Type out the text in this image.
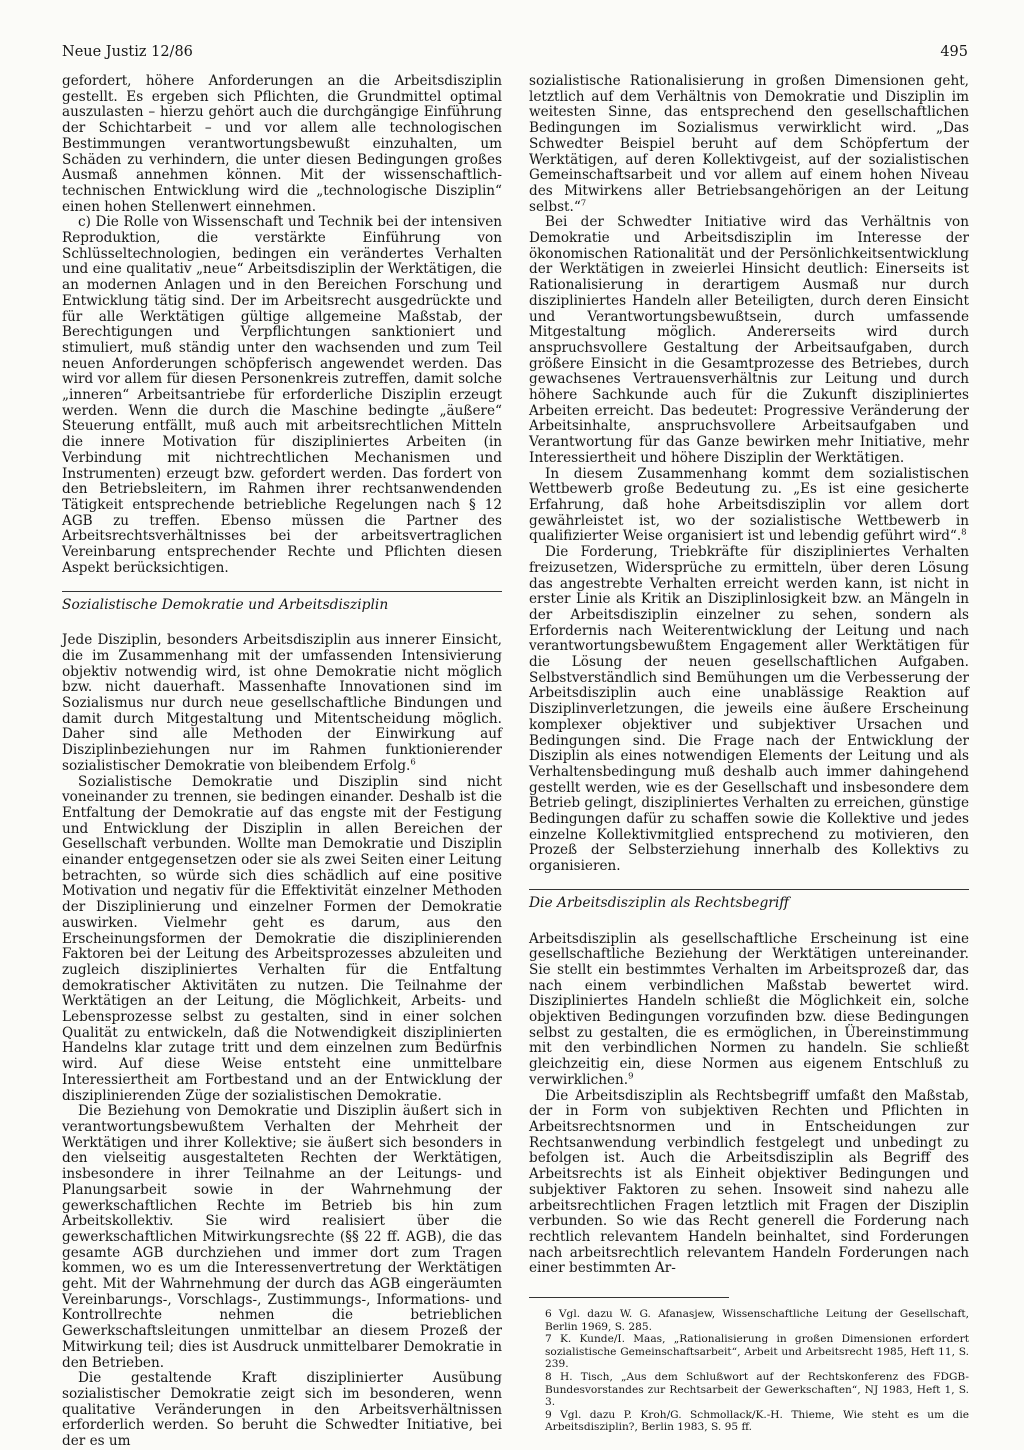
Neue Justiz 12/86	495

gefordert, höhere Anforderungen an die Arbeitsdisziplin gestellt. Es ergeben sich Pflichten, die Grundmittel optimal auszulasten – hierzu gehört auch die durchgängige Einführung der Schichtarbeit – und vor allem alle technologischen Bestimmungen verantwortungsbewußt einzuhalten, um Schäden zu verhindern, die unter diesen Bedingungen großes Ausmaß annehmen können. Mit der wissenschaftlich-technischen Entwicklung wird die „technologische Disziplin“ einen hohen Stellenwert einnehmen.

c) Die Rolle von Wissenschaft und Technik bei der intensiven Reproduktion, die verstärkte Einführung von Schlüsseltechnologien, bedingen ein verändertes Verhalten und eine qualitativ „neue“ Arbeitsdisziplin der Werktätigen, die an modernen Anlagen und in den Bereichen Forschung und Entwicklung tätig sind. Der im Arbeitsrecht ausgedrückte und für alle Werktätigen gültige allgemeine Maßstab, der Berechtigungen und Verpflichtungen sanktioniert und stimuliert, muß ständig unter den wachsenden und zum Teil neuen Anforderungen schöpferisch angewendet werden. Das wird vor allem für diesen Personenkreis zutreffen, damit solche „inneren“ Arbeitsantriebe für erforderliche Disziplin erzeugt werden. Wenn die durch die Maschine bedingte „äußere“ Steuerung entfällt, muß auch mit arbeitsrechtlichen Mitteln die innere Motivation für diszipliniertes Arbeiten (in Verbindung mit nichtrechtlichen Mechanismen und Instrumenten) erzeugt bzw. gefordert werden. Das fordert von den Betriebsleitern, im Rahmen ihrer rechtsanwendenden Tätigkeit entsprechende betriebliche Regelungen nach § 12 AGB zu treffen. Ebenso müssen die Partner des Arbeitsrechtsverhältnisses bei der arbeitsvertraglichen Vereinbarung entsprechender Rechte und Pflichten diesen Aspekt berücksichtigen.

Sozialistische Demokratie und Arbeitsdisziplin

Jede Disziplin, besonders Arbeitsdisziplin aus innerer Einsicht, die im Zusammenhang mit der umfassenden Intensivierung objektiv notwendig wird, ist ohne Demokratie nicht möglich bzw. nicht dauerhaft. Massenhafte Innovationen sind im Sozialismus nur durch neue gesellschaftliche Bindungen und damit durch Mitgestaltung und Mitentscheidung möglich. Daher sind alle Methoden der Einwirkung auf Disziplinbeziehungen nur im Rahmen funktionierender sozialistischer Demokratie von bleibendem Erfolg.$^6$

Sozialistische Demokratie und Disziplin sind nicht voneinander zu trennen, sie bedingen einander. Deshalb ist die Entfaltung der Demokratie auf das engste mit der Festigung und Entwicklung der Disziplin in allen Bereichen der Gesellschaft verbunden. Wollte man Demokratie und Disziplin einander entgegensetzen oder sie als zwei Seiten einer Leitung betrachten, so würde sich dies schädlich auf eine positive Motivation und negativ für die Effektivität einzelner Methoden der Disziplinierung und einzelner Formen der Demokratie auswirken. Vielmehr geht es darum, aus den Erscheinungsformen der Demokratie die disziplinierenden Faktoren bei der Leitung des Arbeitsprozesses abzuleiten und zugleich diszipliniertes Verhalten für die Entfaltung demokratischer Aktivitäten zu nutzen. Die Teilnahme der Werktätigen an der Leitung, die Möglichkeit, Arbeits- und Lebensprozesse selbst zu gestalten, sind in einer solchen Qualität zu entwickeln, daß die Notwendigkeit disziplinierten Handelns klar zutage tritt und dem einzelnen zum Bedürfnis wird. Auf diese Weise entsteht eine unmittelbare Interessiertheit am Fortbestand und an der Entwicklung der disziplinierenden Züge der sozialistischen Demokratie.

Die Beziehung von Demokratie und Disziplin äußert sich in verantwortungsbewußtem Verhalten der Mehrheit der Werktätigen und ihrer Kollektive; sie äußert sich besonders in den vielseitig ausgestalteten Rechten der Werktätigen, insbesondere in ihrer Teilnahme an der Leitungs- und Planungsarbeit sowie in der Wahrnehmung der gewerkschaftlichen Rechte im Betrieb bis hin zum Arbeitskollektiv. Sie wird realisiert über die gewerkschaftlichen Mitwirkungsrechte (§§ 22 ff. AGB), die das gesamte AGB durchziehen und immer dort zum Tragen kommen, wo es um die Interessenvertretung der Werktätigen geht. Mit der Wahrnehmung der durch das AGB eingeräumten Vereinbarungs-, Vorschlags-, Zustimmungs-, Informations- und Kontrollrechte nehmen die betrieblichen Gewerkschaftsleitungen unmittelbar an diesem Prozeß der Mitwirkung teil; dies ist Ausdruck unmittelbarer Demokratie in den Betrieben.

Die gestaltende Kraft disziplinierter Ausübung sozialistischer Demokratie zeigt sich im besonderen, wenn qualitative Veränderungen in den Arbeitsverhältnissen erforderlich werden. So beruht die Schwedter Initiative, bei der es um

sozialistische Rationalisierung in großen Dimensionen geht, letztlich auf dem Verhältnis von Demokratie und Disziplin im weitesten Sinne, das entsprechend den gesellschaftlichen Bedingungen im Sozialismus verwirklicht wird. „Das Schwedter Beispiel beruht auf dem Schöpfertum der Werktätigen, auf deren Kollektivgeist, auf der sozialistischen Gemeinschaftsarbeit und vor allem auf einem hohen Niveau des Mitwirkens aller Betriebsangehörigen an der Leitung selbst.“$^7$

Bei der Schwedter Initiative wird das Verhältnis von Demokratie und Arbeitsdisziplin im Interesse der ökonomischen Rationalität und der Persönlichkeitsentwicklung der Werktätigen in zweierlei Hinsicht deutlich: Einerseits ist Rationalisierung in derartigem Ausmaß nur durch diszipliniertes Handeln aller Beteiligten, durch deren Einsicht und Verantwortungsbewußtsein, durch umfassende Mitgestaltung möglich. Andererseits wird durch anspruchsvollere Gestaltung der Arbeitsaufgaben, durch größere Einsicht in die Gesamtprozesse des Betriebes, durch gewachsenes Vertrauensverhältnis zur Leitung und durch höhere Sachkunde auch für die Zukunft diszipliniertes Arbeiten erreicht. Das bedeutet: Progressive Veränderung der Arbeitsinhalte, anspruchsvollere Arbeitsaufgaben und Verantwortung für das Ganze bewirken mehr Initiative, mehr Interessiertheit und höhere Disziplin der Werktätigen.

In diesem Zusammenhang kommt dem sozialistischen Wettbewerb große Bedeutung zu. „Es ist eine gesicherte Erfahrung, daß hohe Arbeitsdisziplin vor allem dort gewährleistet ist, wo der sozialistische Wettbewerb in qualifizierter Weise organisiert ist und lebendig geführt wird“.$^8$

Die Forderung, Triebkräfte für diszipliniertes Verhalten freizusetzen, Widersprüche zu ermitteln, über deren Lösung das angestrebte Verhalten erreicht werden kann, ist nicht in erster Linie als Kritik an Disziplinlosigkeit bzw. an Mängeln in der Arbeitsdisziplin einzelner zu sehen, sondern als Erfordernis nach Weiterentwicklung der Leitung und nach verantwortungsbewußtem Engagement aller Werktätigen für die Lösung der neuen gesellschaftlichen Aufgaben. Selbstverständlich sind Bemühungen um die Verbesserung der Arbeitsdisziplin auch eine unablässige Reaktion auf Disziplinverletzungen, die jeweils eine äußere Erscheinung komplexer objektiver und subjektiver Ursachen und Bedingungen sind. Die Frage nach der Entwicklung der Disziplin als eines notwendigen Elements der Leitung und als Verhaltensbedingung muß deshalb auch immer dahingehend gestellt werden, wie es der Gesellschaft und insbesondere dem Betrieb gelingt, diszipliniertes Verhalten zu erreichen, günstige Bedingungen dafür zu schaffen sowie die Kollektive und jedes einzelne Kollektivmitglied entsprechend zu motivieren, den Prozeß der Selbsterziehung innerhalb des Kollektivs zu organisieren.

Die Arbeitsdisziplin als Rechtsbegriff

Arbeitsdisziplin als gesellschaftliche Erscheinung ist eine gesellschaftliche Beziehung der Werktätigen untereinander. Sie stellt ein bestimmtes Verhalten im Arbeitsprozeß dar, das nach einem verbindlichen Maßstab bewertet wird. Diszipliniertes Handeln schließt die Möglichkeit ein, solche objektiven Bedingungen vorzufinden bzw. diese Bedingungen selbst zu gestalten, die es ermöglichen, in Übereinstimmung mit den verbindlichen Normen zu handeln. Sie schließt gleichzeitig ein, diese Normen aus eigenem Entschluß zu verwirklichen.$^9$

Die Arbeitsdisziplin als Rechtsbegriff umfaßt den Maßstab, der in Form von subjektiven Rechten und Pflichten in Arbeitsrechtsnormen und in Entscheidungen zur Rechtsanwendung verbindlich festgelegt und unbedingt zu befolgen ist. Auch die Arbeitsdisziplin als Begriff des Arbeitsrechts ist als Einheit objektiver Bedingungen und subjektiver Faktoren zu sehen. Insoweit sind nahezu alle arbeitsrechtlichen Fragen letztlich mit Fragen der Disziplin verbunden. So wie das Recht generell die Forderung nach rechtlich relevantem Handeln beinhaltet, sind Forderungen nach arbeitsrechtlich relevantem Handeln Forderungen nach einer bestimmten Ar-

6 Vgl. dazu W. G. Afanasjew, Wissenschaftliche Leitung der Gesellschaft, Berlin 1969, S. 285.

7 K. Kunde/I. Maas, „Rationalisierung in großen Dimensionen erfordert sozialistische Gemeinschaftsarbeit“, Arbeit und Arbeitsrecht 1985, Heft 11, S. 239.

8 H. Tisch, „Aus dem Schlußwort auf der Rechtskonferenz des FDGB-Bundesvorstandes zur Rechtsarbeit der Gewerkschaften“, NJ 1983, Heft 1, S. 3.

9 Vgl. dazu P. Kroh/G. Schmollack/K.-H. Thieme, Wie steht es um die Arbeitsdisziplin?, Berlin 1983, S. 95 ff.
